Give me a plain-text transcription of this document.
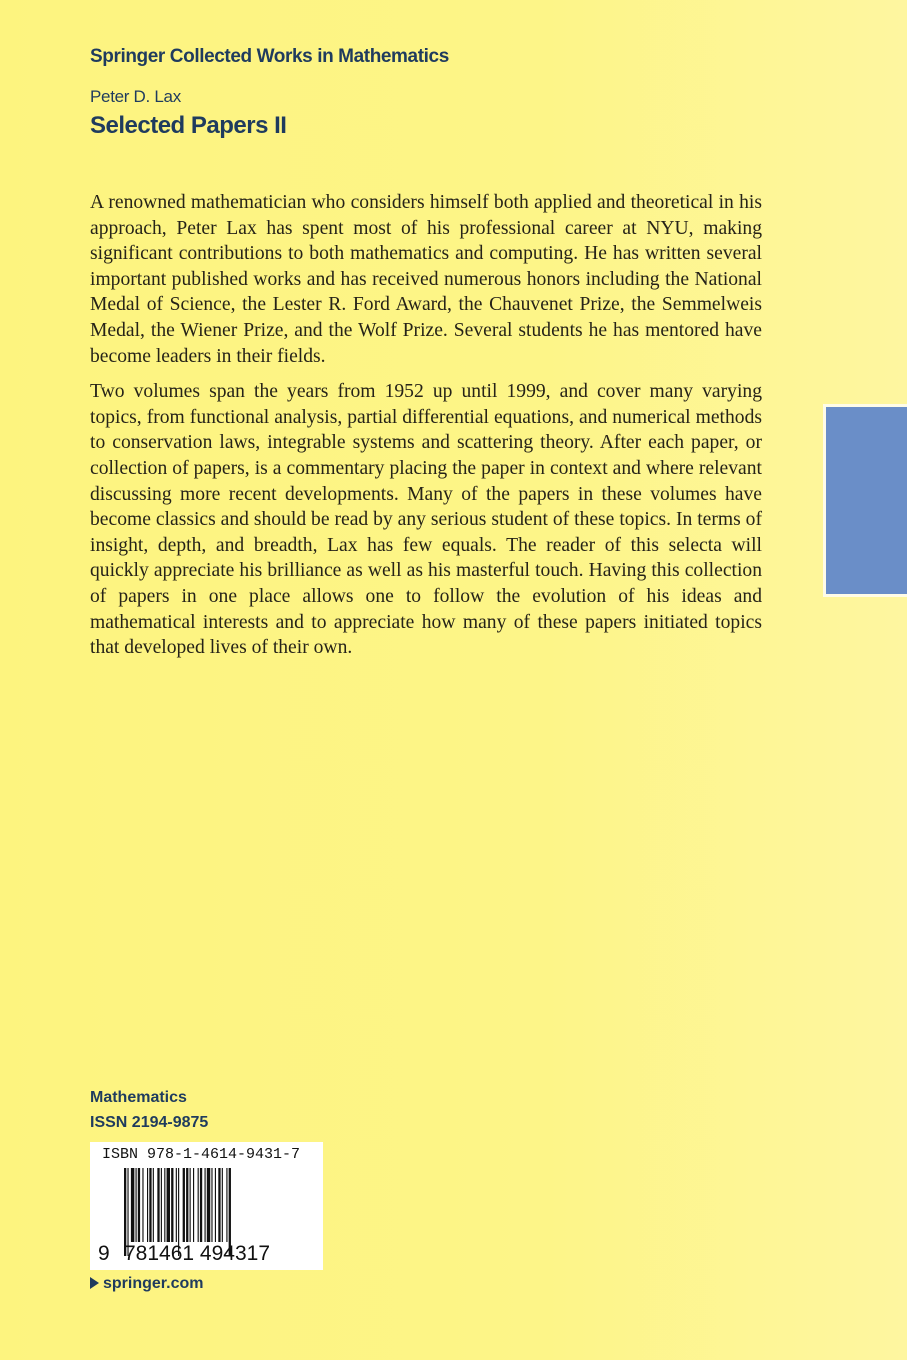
Springer Collected Works in Mathematics
Peter D. Lax
Selected Papers II

A renowned mathematician who considers himself both applied and theoretical in his approach, Peter Lax has spent most of his professional career at NYU, making significant contributions to both mathematics and computing. He has written several important published works and has received numerous honors including the National Medal of Science, the Lester R. Ford Award, the Chauvenet Prize, the Semmelweis Medal, the Wiener Prize, and the Wolf Prize. Several students he has mentored have become leaders in their fields.

Two volumes span the years from 1952 up until 1999, and cover many varying topics, from functional analysis, partial differential equations, and numerical methods to conservation laws, integrable systems and scattering theory. After each paper, or collection of papers, is a commentary placing the paper in context and where relevant discussing more recent developments. Many of the papers in these volumes have become classics and should be read by any serious student of these topics. In terms of insight, depth, and breadth, Lax has few equals. The reader of this selecta will quickly appreciate his brilliance as well as his masterful touch. Having this collection of papers in one place allows one to follow the evolution of his ideas and mathematical interests and to appreciate how many of these papers initiated topics that developed lives of their own.

Mathematics
ISSN 2194-9875
ISBN 978-1-4614-9431-7
9 781461 494317
springer.com
